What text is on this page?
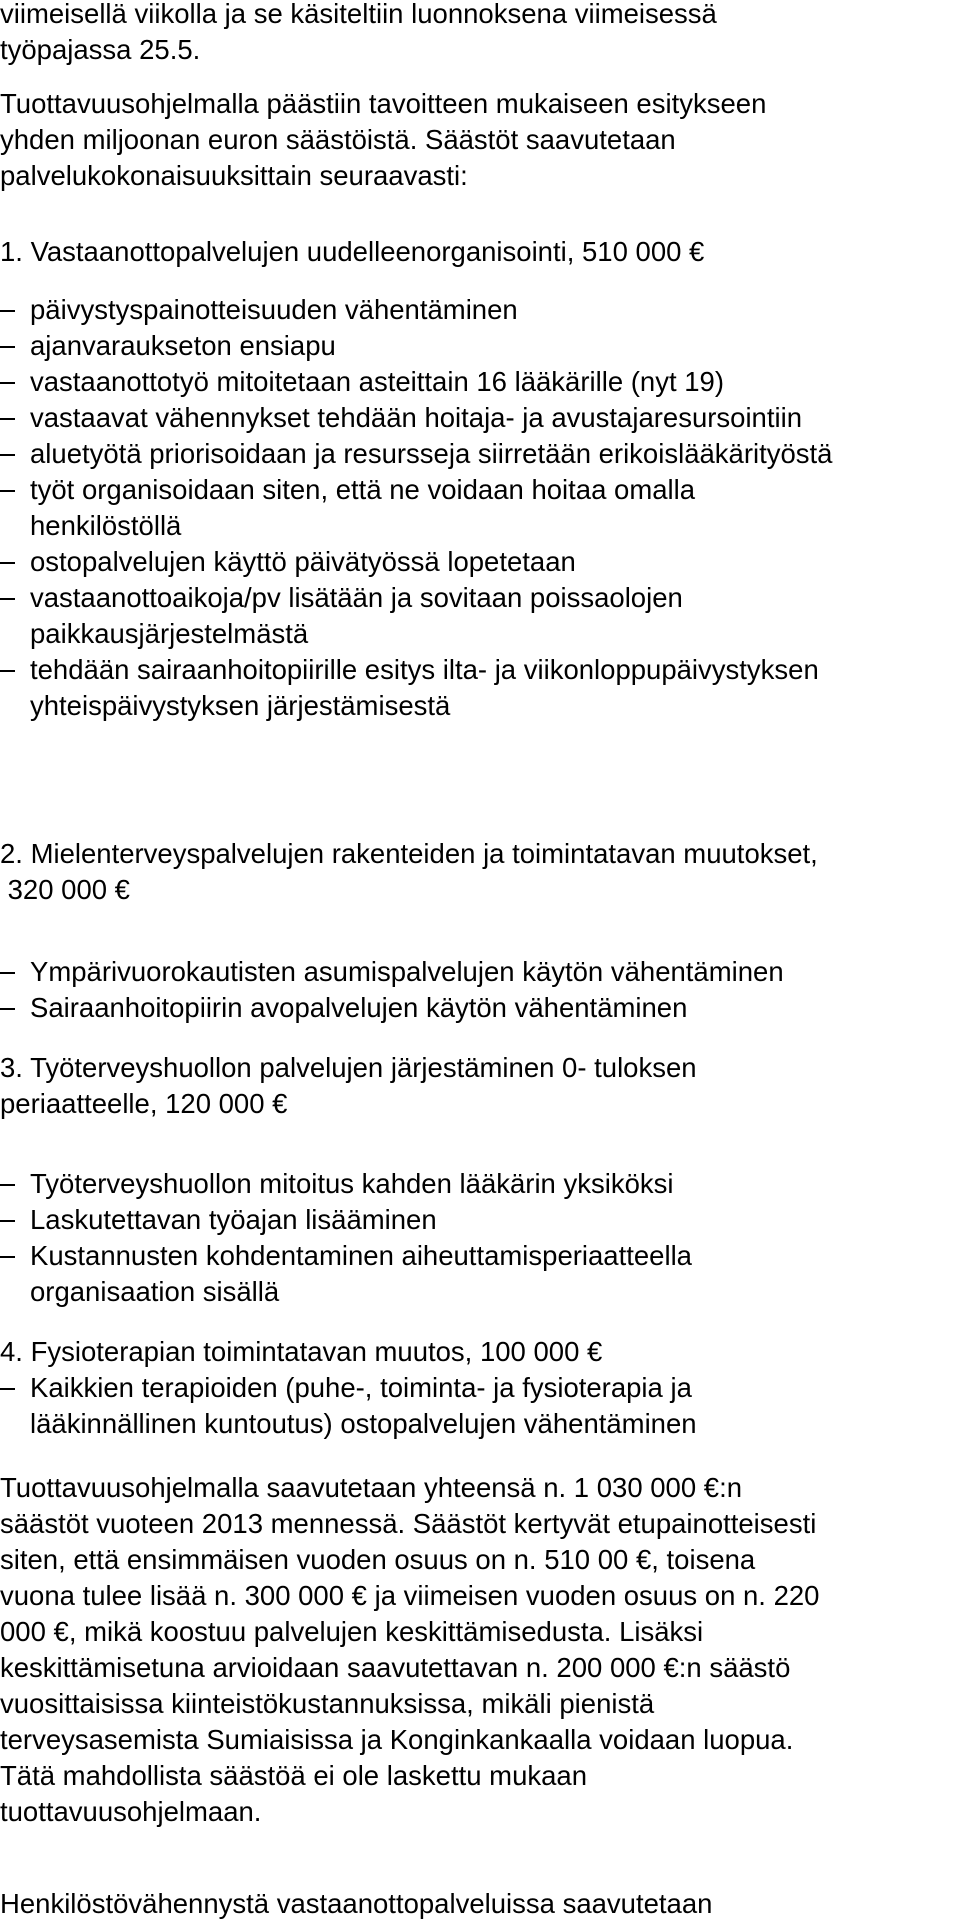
viimeisellä viikolla ja se käsiteltiin luonnoksena viimeisessä
työpajassa 25.5.
Tuottavuusohjelmalla päästiin tavoitteen mukaiseen esitykseen
yhden miljoonan euron säästöistä. Säästöt saavutetaan
palvelukokonaisuuksittain seuraavasti:
1. Vastaanottopalvelujen uudelleenorganisointi, 510 000 €
päivystyspainotteisuuden vähentäminen
ajanvaraukseton ensiapu
vastaanottotyö mitoitetaan asteittain 16 lääkärille (nyt 19)
vastaavat vähennykset tehdään hoitaja- ja avustajaresursointiin
aluetyötä priorisoidaan ja resursseja siirretään erikoislääkärityöstä
työt organisoidaan siten, että ne voidaan hoitaa omalla
henkilöstöllä
ostopalvelujen käyttö päivätyössä lopetetaan
vastaanottoaikoja/pv lisätään ja sovitaan poissaolojen
paikkausjärjestelmästä
tehdään sairaanhoitopiirille esitys ilta- ja viikonloppupäivystyksen
yhteispäivystyksen järjestämisestä
2. Mielenterveyspalvelujen rakenteiden ja toimintatavan muutokset,
320 000 €
Ympärivuorokautisten asumispalvelujen käytön vähentäminen
Sairaanhoitopiirin avopalvelujen käytön vähentäminen
3. Työterveyshuollon palvelujen järjestäminen 0- tuloksen
periaatteelle, 120 000 €
Työterveyshuollon mitoitus kahden lääkärin yksiköksi
Laskutettavan työajan lisääminen
Kustannusten kohdentaminen aiheuttamisperiaatteella
organisaation sisällä
4. Fysioterapian toimintatavan muutos, 100 000 €
Kaikkien terapioiden (puhe-, toiminta- ja fysioterapia ja
lääkinnällinen kuntoutus) ostopalvelujen vähentäminen
Tuottavuusohjelmalla saavutetaan yhteensä n. 1 030 000 €:n
säästöt vuoteen 2013 mennessä. Säästöt kertyvät etupainotteisesti
siten, että ensimmäisen vuoden osuus on n. 510 00 €, toisena
vuona tulee lisää n. 300 000 € ja viimeisen vuoden osuus on n. 220
000 €, mikä koostuu palvelujen keskittämisedusta. Lisäksi
keskittämisetuna arvioidaan saavutettavan n. 200 000 €:n säästö
vuosittaisissa kiinteistökustannuksissa, mikäli pienistä
terveysasemista Sumiaisissa ja Konginkankaalla voidaan luopua.
Tätä mahdollista säästöä ei ole laskettu mukaan
tuottavuusohjelmaan.
Henkilöstövähennystä vastaanottopalveluissa saavutetaan
